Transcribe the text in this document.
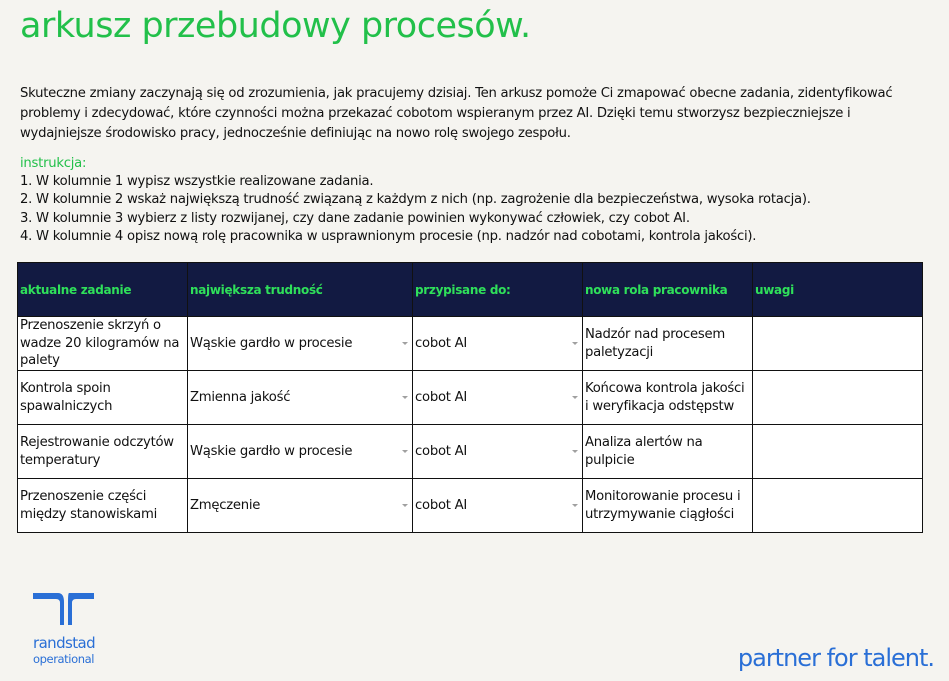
arkusz przebudowy procesów.

Skuteczne zmiany zaczynają się od zrozumienia, jak pracujemy dzisiaj. Ten arkusz pomoże Ci zmapować obecne zadania, zidentyfikować problemy i zdecydować, które czynności można przekazać cobotom wspieranym przez AI. Dzięki temu stworzysz bezpieczniejsze i wydajniejsze środowisko pracy, jednocześnie definiując na nowo rolę swojego zespołu.

instrukcja:
1. W kolumnie 1 wypisz wszystkie realizowane zadania.
2. W kolumnie 2 wskaż największą trudność związaną z każdym z nich (np. zagrożenie dla bezpieczeństwa, wysoka rotacja).
3. W kolumnie 3 wybierz z listy rozwijanej, czy dane zadanie powinien wykonywać człowiek, czy cobot AI.
4. W kolumnie 4 opisz nową rolę pracownika w usprawnionym procesie (np. nadzór nad cobotami, kontrola jakości).
aktualne zadanie	największa trudność	przypisane do:	nowa rola pracownika	uwagi
Przenoszenie skrzyń o wadze 20 kilogramów na palety	Wąskie gardło w procesie	cobot AI	Nadzór nad procesem paletyzacji	
Kontrola spoin spawalniczych	Zmienna jakość	cobot AI	Końcowa kontrola jakości i weryfikacja odstępstw	
Rejestrowanie odczytów temperatury	Wąskie gardło w procesie	cobot AI	Analiza alertów na pulpicie	
Przenoszenie części między stanowiskami	Zmęczenie	cobot AI	Monitorowanie procesu i utrzymywanie ciągłości	
randstad
operational	partner for talent.
